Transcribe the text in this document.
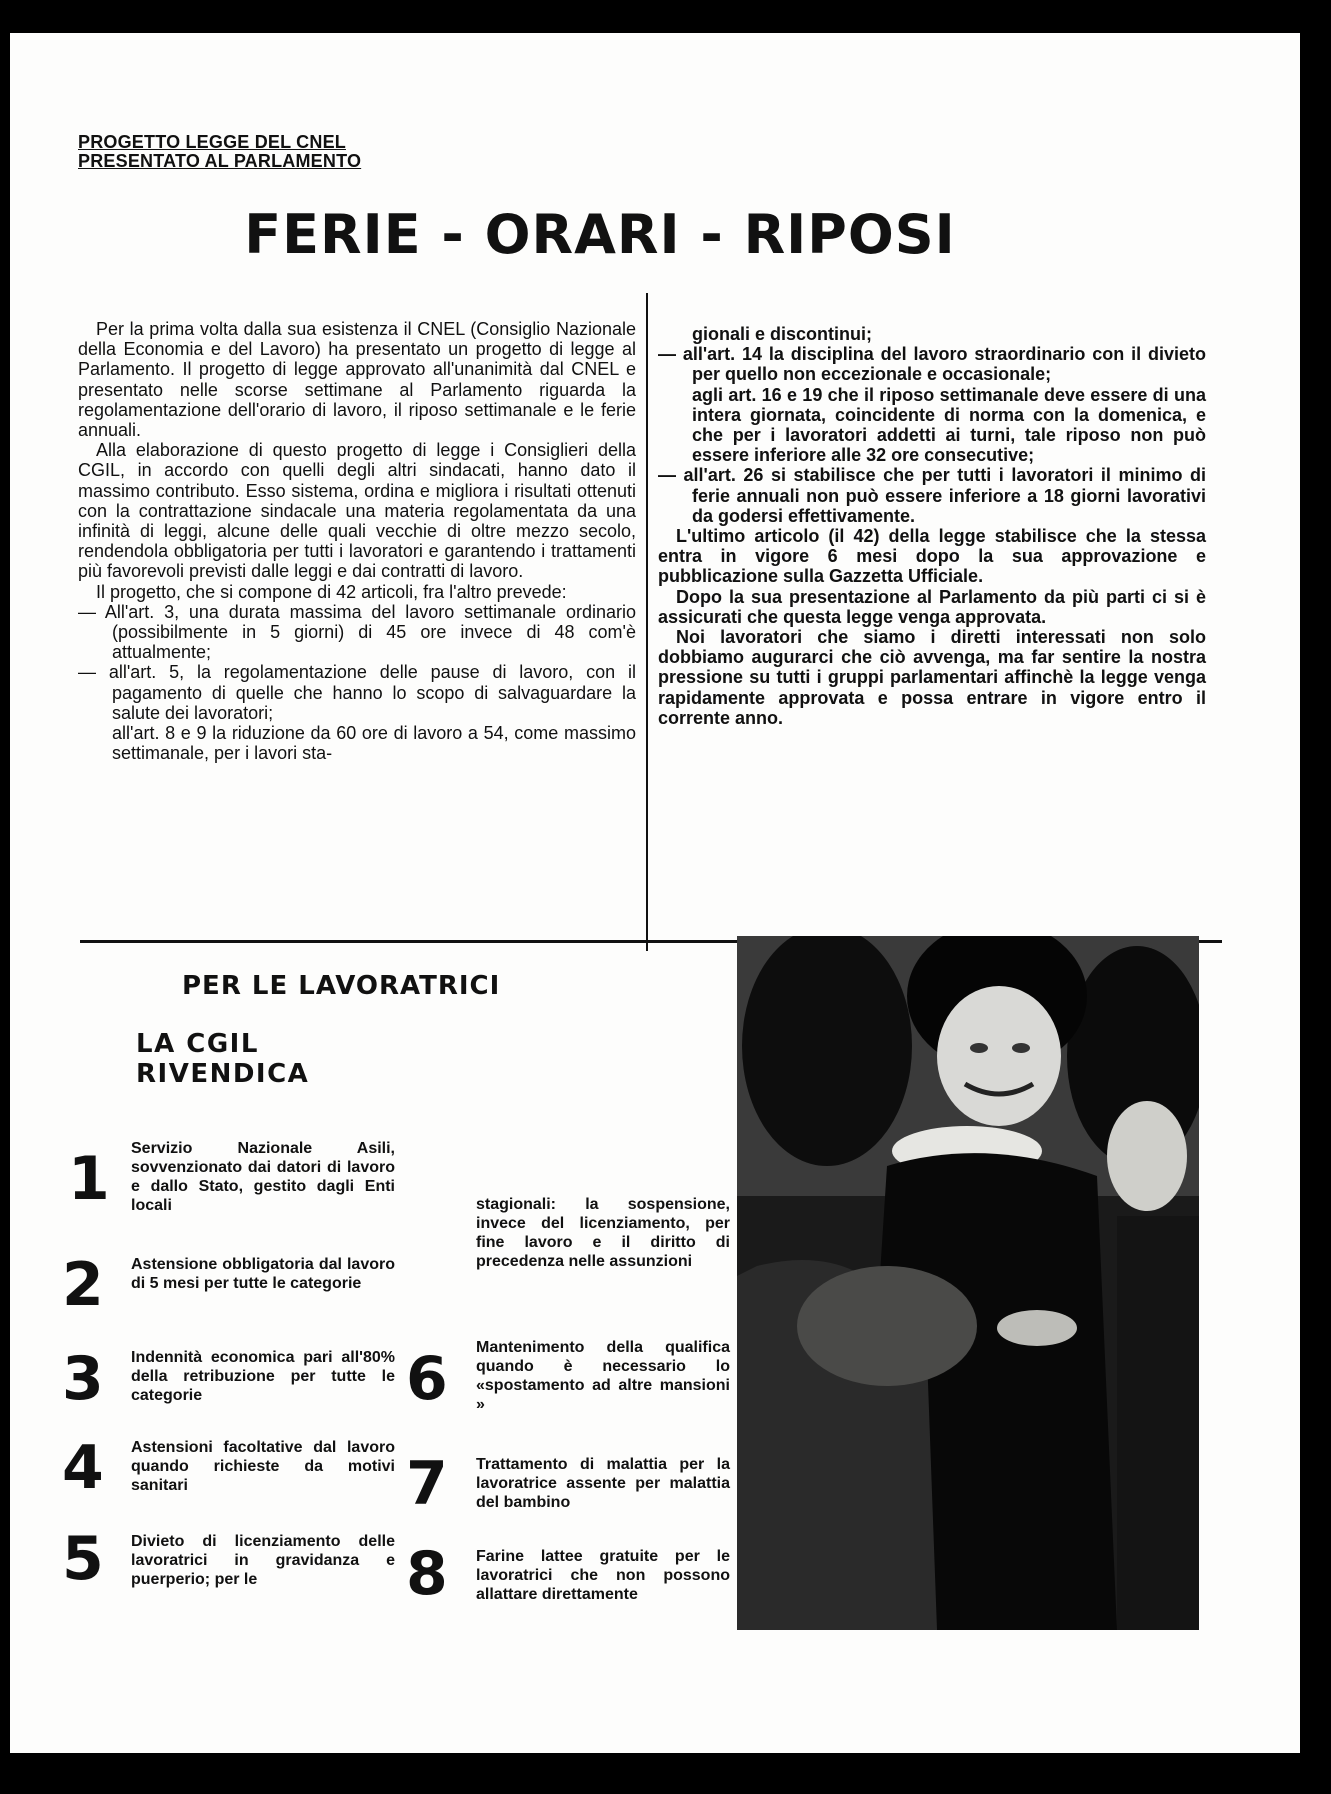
PROGETTO LEGGE DEL CNEL
PRESENTATO AL PARLAMENTO
FERIE - ORARI - RIPOSI

Per la prima volta dalla sua esistenza il CNEL (Consiglio Nazionale della Economia e del Lavoro) ha presentato un progetto di legge al Parlamento. Il progetto di legge approvato all'unanimità dal CNEL e presentato nelle scorse settimane al Parlamento riguarda la regolamentazione dell'orario di lavoro, il riposo settimanale e le ferie annuali.

Alla elaborazione di questo progetto di legge i Consiglieri della CGIL, in accordo con quelli degli altri sindacati, hanno dato il massimo contributo. Esso sistema, ordina e migliora i risultati ottenuti con la contrattazione sindacale una materia regolamentata da una infinità di leggi, alcune delle quali vecchie di oltre mezzo secolo, rendendola obbligatoria per tutti i lavoratori e garantendo i trattamenti più favorevoli previsti dalle leggi e dai contratti di lavoro.

Il progetto, che si compone di 42 articoli, fra l'altro prevede:

— All'art. 3, una durata massima del lavoro settimanale ordinario (possibilmente in 5 giorni) di 45 ore invece di 48 com'è attualmente;

— all'art. 5, la regolamentazione delle pause di lavoro, con il pagamento di quelle che hanno lo scopo di salvaguardare la salute dei lavoratori;

all'art. 8 e 9 la riduzione da 60 ore di lavoro a 54, come massimo settimanale, per i lavori sta-

gionali e discontinui;

— all'art. 14 la disciplina del lavoro straordinario con il divieto per quello non eccezionale e occasionale;

agli art. 16 e 19 che il riposo settimanale deve essere di una intera giornata, coincidente di norma con la domenica, e che per i lavoratori addetti ai turni, tale riposo non può essere inferiore alle 32 ore consecutive;

— all'art. 26 si stabilisce che per tutti i lavoratori il minimo di ferie annuali non può essere inferiore a 18 giorni lavorativi da godersi effettivamente.

L'ultimo articolo (il 42) della legge stabilisce che la stessa entra in vigore 6 mesi dopo la sua approvazione e pubblicazione sulla Gazzetta Ufficiale.

Dopo la sua presentazione al Parlamento da più parti ci si è assicurati che questa legge venga approvata.

Noi lavoratori che siamo i diretti interessati non solo dobbiamo augurarci che ciò avvenga, ma far sentire la nostra pressione su tutti i gruppi parlamentari affinchè la legge venga rapidamente approvata e possa entrare in vigore entro il corrente anno.

PER LE LAVORATRICI
LA CGIL
RIVENDICA
1 Servizio Nazionale Asili, sovvenzionato dai datori di lavoro e dallo Stato, gestito dagli Enti locali
2 Astensione obbligatoria dal lavoro di 5 mesi per tutte le categorie
3 Indennità economica pari all'80% della retribuzione per tutte le categorie
4 Astensioni facoltative dal lavoro quando richieste da motivi sanitari
5 Divieto di licenziamento delle lavoratrici in gravidanza e puerperio; per le
stagionali: la sospensione, invece del licenziamento, per fine lavoro e il diritto di precedenza nelle assunzioni
6 Mantenimento della qualifica quando è necessario lo «spostamento ad altre mansioni »
7 Trattamento di malattia per la lavoratrice assente per malattia del bambino
8 Farine lattee gratuite per le lavoratrici che non possono allattare direttamente
